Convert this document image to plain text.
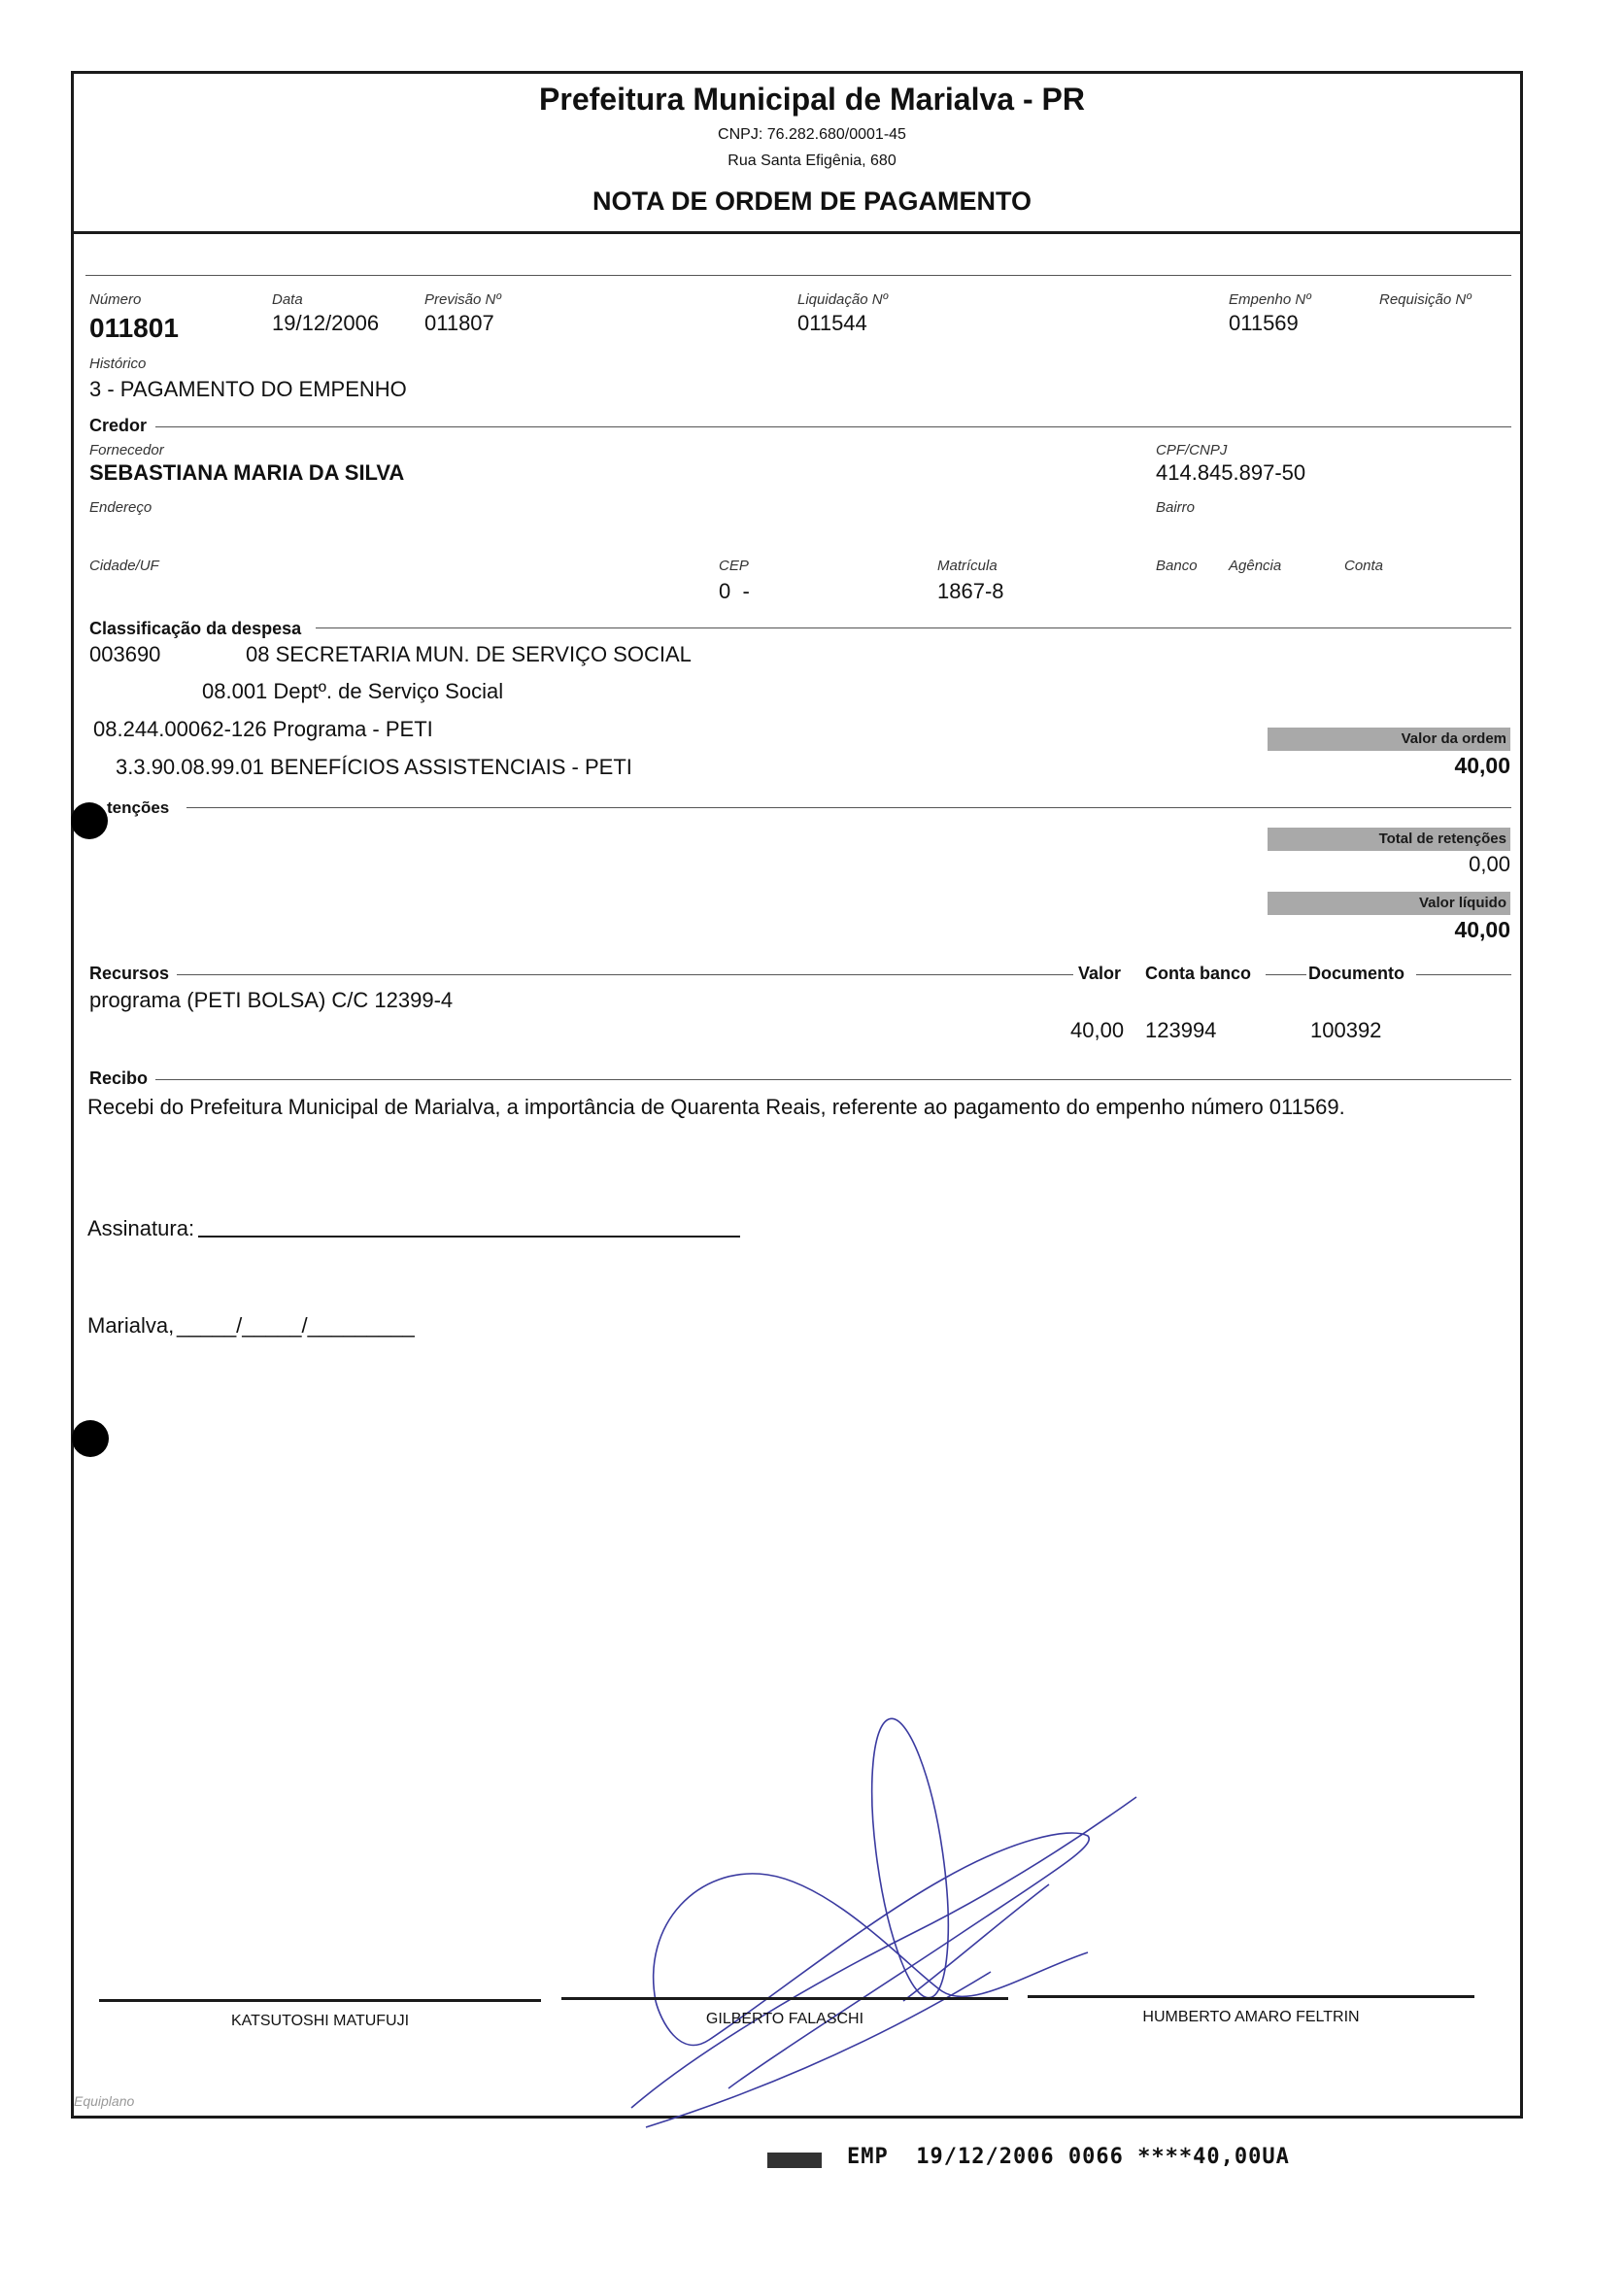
Prefeitura Municipal de Marialva - PR
CNPJ: 76.282.680/0001-45
Rua Santa Efigênia, 680
NOTA DE ORDEM DE PAGAMENTO
Número
011801
Data
19/12/2006
Previsão Nº
011807
Liquidação Nº
011544
Empenho Nº
011569
Requisição Nº
Histórico
3 - PAGAMENTO DO EMPENHO
Credor
Fornecedor
SEBASTIANA MARIA DA SILVA
CPF/CNPJ
414.845.897-50
Endereço	Bairro
Cidade/UF	CEP
0  -
Matrícula
1867-8
Banco Agência	Conta
Classificação da despesa
003690	08 SECRETARIA MUN. DE SERVIÇO SOCIAL
08.001 Deptº. de Serviço Social
08.244.00062-126 Programa - PETI
3.3.90.08.99.01 BENEFÍCIOS ASSISTENCIAIS - PETI
Valor da ordem
40,00
tenções
Total de retenções
0,00
Valor líquido
40,00
Recursos	Valor Conta banco	Documento
programa (PETI BOLSA) C/C 12399-4
40,00 123994	100392
Recibo
Recebi do Prefeitura Municipal de Marialva, a importância de Quarenta Reais, referente ao pagamento do empenho número 011569.
Assinatura:
Marialva, _____/_____/_________
KATSUTOSHI MATUFUJI	GILBERTO FALASCHI	HUMBERTO AMARO FELTRIN
Equiplano
EMP  19/12/2006 0066 ****40,00UA
